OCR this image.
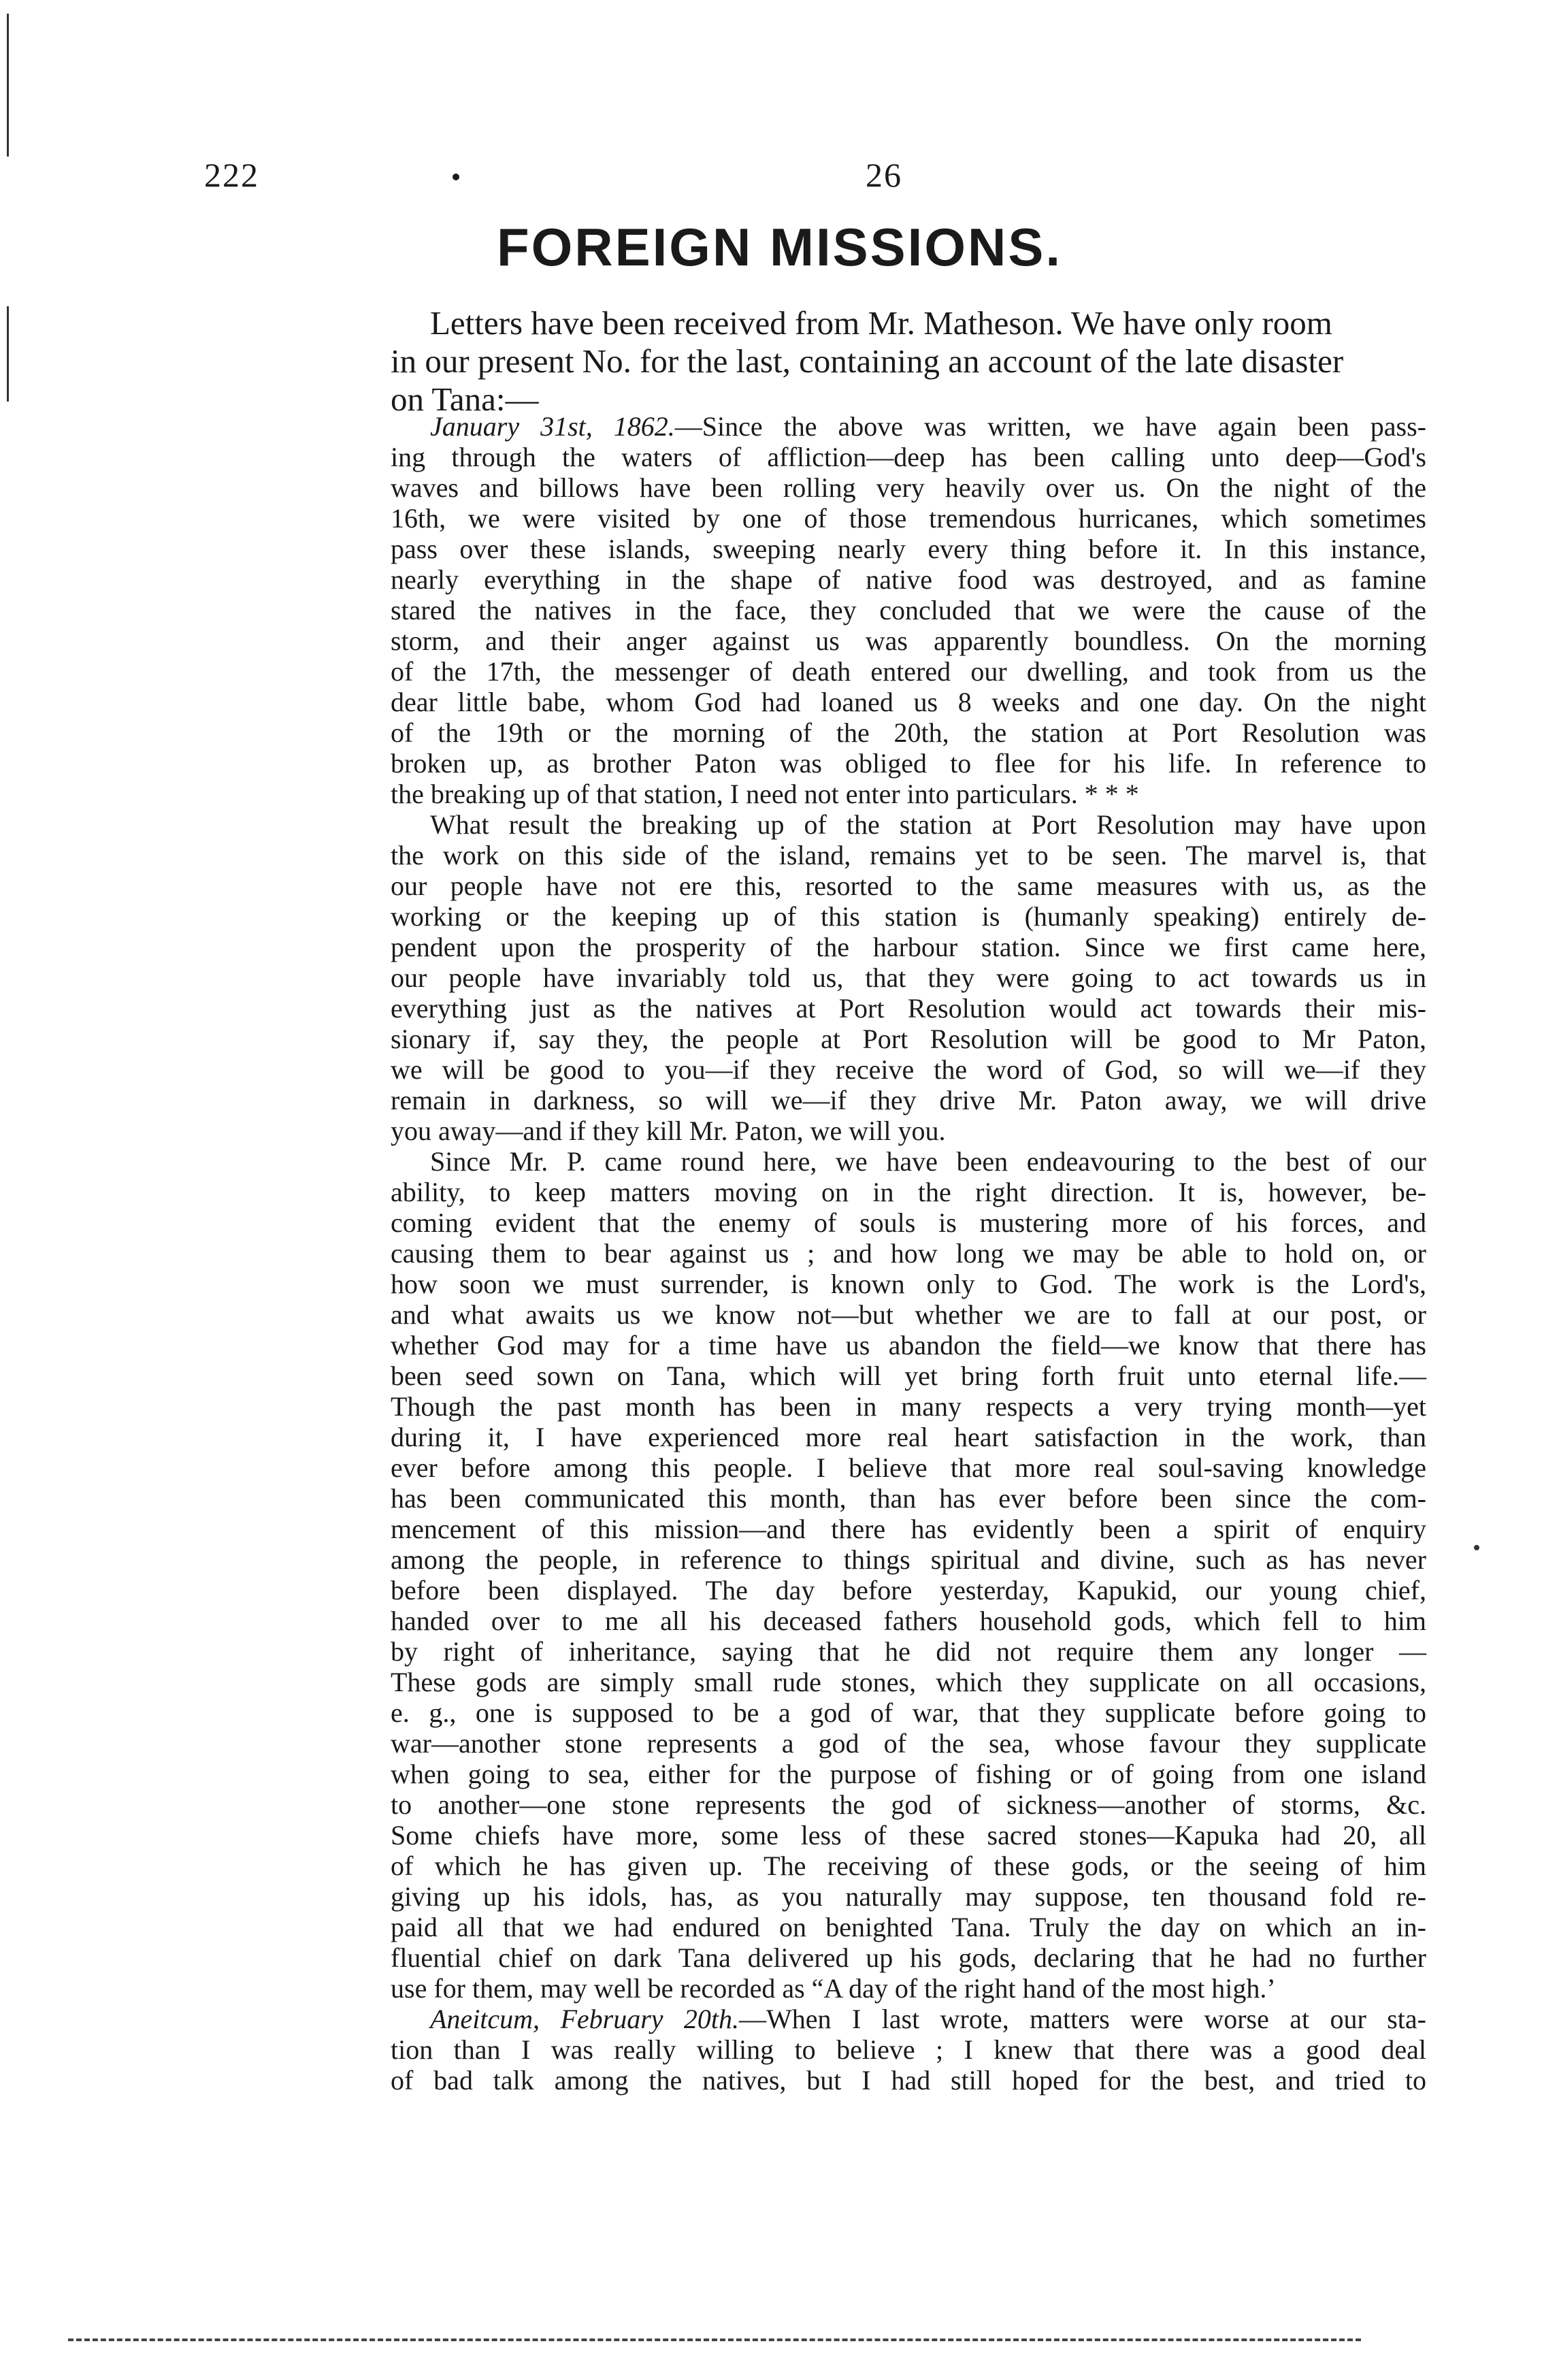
222	26
FOREIGN MISSIONS.
Letters have been received from Mr. Matheson. We have only room
in our present No. for the last, containing an account of the late disaster
on Tana:—
January 31st, 1862.—Since the above was written, we have again been pass-
ing through the waters of affliction—deep has been calling unto deep—God's
waves and billows have been rolling very heavily over us. On the night of the
16th, we were visited by one of those tremendous hurricanes, which sometimes
pass over these islands, sweeping nearly every thing before it. In this instance,
nearly everything in the shape of native food was destroyed, and as famine
stared the natives in the face, they concluded that we were the cause of the
storm, and their anger against us was apparently boundless. On the morning
of the 17th, the messenger of death entered our dwelling, and took from us the
dear little babe, whom God had loaned us 8 weeks and one day. On the night
of the 19th or the morning of the 20th, the station at Port Resolution was
broken up, as brother Paton was obliged to flee for his life. In reference to
the breaking up of that station, I need not enter into particulars. * * *
What result the breaking up of the station at Port Resolution may have upon
the work on this side of the island, remains yet to be seen. The marvel is, that
our people have not ere this, resorted to the same measures with us, as the
working or the keeping up of this station is (humanly speaking) entirely de-
pendent upon the prosperity of the harbour station. Since we first came here,
our people have invariably told us, that they were going to act towards us in
everything just as the natives at Port Resolution would act towards their mis-
sionary if, say they, the people at Port Resolution will be good to Mr Paton,
we will be good to you—if they receive the word of God, so will we—if they
remain in darkness, so will we—if they drive Mr. Paton away, we will drive
you away—and if they kill Mr. Paton, we will you.
Since Mr. P. came round here, we have been endeavouring to the best of our
ability, to keep matters moving on in the right direction. It is, however, be-
coming evident that the enemy of souls is mustering more of his forces, and
causing them to bear against us ; and how long we may be able to hold on, or
how soon we must surrender, is known only to God. The work is the Lord's,
and what awaits us we know not—but whether we are to fall at our post, or
whether God may for a time have us abandon the field—we know that there has
been seed sown on Tana, which will yet bring forth fruit unto eternal life.—
Though the past month has been in many respects a very trying month—yet
during it, I have experienced more real heart satisfaction in the work, than
ever before among this people. I believe that more real soul-saving knowledge
has been communicated this month, than has ever before been since the com-
mencement of this mission—and there has evidently been a spirit of enquiry
among the people, in reference to things spiritual and divine, such as has never
before been displayed. The day before yesterday, Kapukid, our young chief,
handed over to me all his deceased fathers household gods, which fell to him
by right of inheritance, saying that he did not require them any longer —
These gods are simply small rude stones, which they supplicate on all occasions,
e. g., one is supposed to be a god of war, that they supplicate before going to
war—another stone represents a god of the sea, whose favour they supplicate
when going to sea, either for the purpose of fishing or of going from one island
to another—one stone represents the god of sickness—another of storms, &c.
Some chiefs have more, some less of these sacred stones—Kapuka had 20, all
of which he has given up. The receiving of these gods, or the seeing of him
giving up his idols, has, as you naturally may suppose, ten thousand fold re-
paid all that we had endured on benighted Tana. Truly the day on which an in-
fluential chief on dark Tana delivered up his gods, declaring that he had no further
use for them, may well be recorded as “A day of the right hand of the most high.’
Aneitcum, February 20th.—When I last wrote, matters were worse at our sta-
tion than I was really willing to believe ; I knew that there was a good deal
of bad talk among the natives, but I had still hoped for the best, and tried to
